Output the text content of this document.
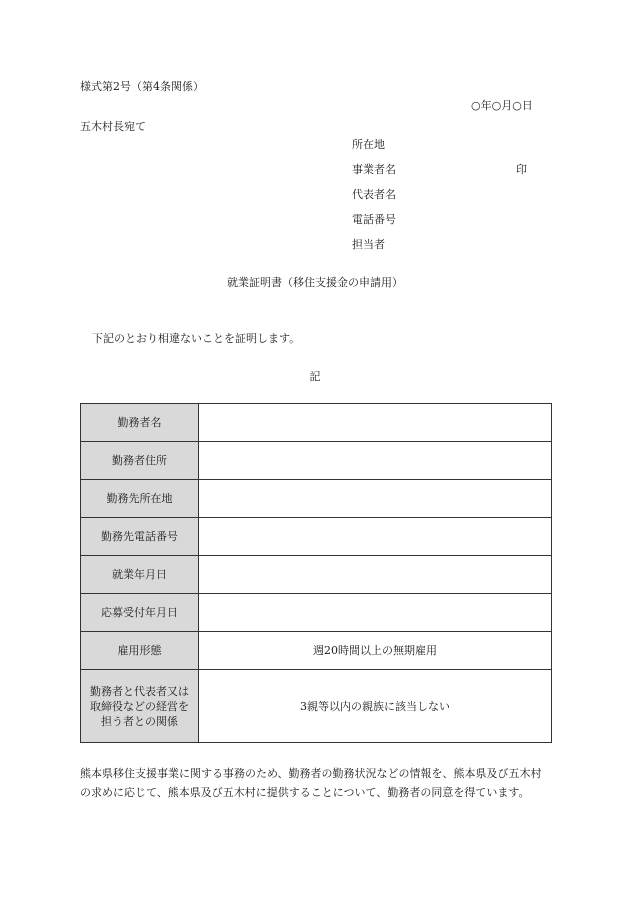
様式第2号（第4条関係）
○年○月○日
五木村長宛て
所在地
事業者名	印
代表者名
電話番号
担当者
就業証明書（移住支援金の申請用）
下記のとおり相違ないことを証明します。
記
勤務者名	
勤務者住所	
勤務先所在地	
勤務先電話番号	
就業年月日	
応募受付年月日	
雇用形態	週20時間以上の無期雇用

勤務者と代表者又は
取締役などの経営を
担う者との関係	3親等以内の親族に該当しない
熊本県移住支援事業に関する事務のため、勤務者の勤務状況などの情報を、熊本県及び五木村の求めに応じて、熊本県及び五木村に提供することについて、勤務者の同意を得ています。
